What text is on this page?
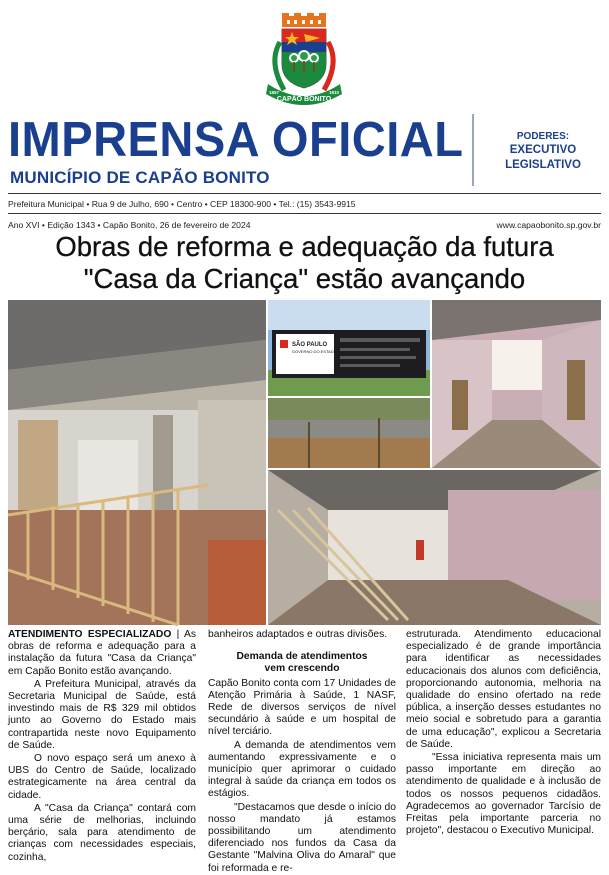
CAPÃO BONITO
1857	1910
IMPRENSA OFICIAL
MUNICÍPIO DE CAPÃO BONITO
PODERES:
EXECUTIVO
LEGISLATIVO
Prefeitura Municipal • Rua 9 de Julho, 690 • Centro • CEP 18300-900 • Tel.: (15) 3543-9915
Ano XVI • Edição 1343 • Capão Bonito, 26 de fevereiro de 2024	www.capaobonito.sp.gov.br
Obras de reforma e adequação da futura
"Casa da Criança" estão avançando
SÃO PAULO
GOVERNO DO ESTADO

ATENDIMENTO ESPECIALIZADO | As obras de reforma e adequação para a instalação da futura "Casa da Criança" em Capão Bonito estão avançando.

A Prefeitura Municipal, através da Secretaria Municipal de Saúde, está investindo mais de R$ 329 mil obtidos junto ao Governo do Estado mais contrapartida neste novo Equipamento de Saúde.

O novo espaço será um anexo à UBS do Centro de Saúde, localizado estrategicamente na área central da cidade.

A "Casa da Criança" contará com uma série de melhorias, incluindo berçário, sala para atendimento de crianças com necessidades especiais, cozinha,

banheiros adaptados e outras divisões.

Demanda de atendimentos
vem crescendo

Capão Bonito conta com 17 Unidades de Atenção Primária à Saúde, 1 NASF, Rede de diversos serviços de nível secundário à saúde e um hospital de nível terciário.

A demanda de atendimentos vem aumentando expressivamente e o município quer aprimorar o cuidado integral à saúde da criança em todos os estágios.

"Destacamos que desde o início do nosso mandato já estamos possibilitando um atendimento diferenciado nos fundos da Casa da Gestante "Malvina Oliva do Amaral" que foi reformada e re-

estruturada. Atendimento educacional especializado é de grande importância para identificar as necessidades educacionais dos alunos com deficiência, proporcionando autonomia, melhoria na qualidade do ensino ofertado na rede pública, a inserção desses estudantes no meio social e sobretudo para a garantia de uma educação", explicou a Secretaria de Saúde.

"Essa iniciativa representa mais um passo importante em direção ao atendimento de qualidade e à inclusão de todos os nossos pequenos cidadãos. Agradecemos ao governador Tarcísio de Freitas pela importante parceria no projeto", destacou o Executivo Municipal.
